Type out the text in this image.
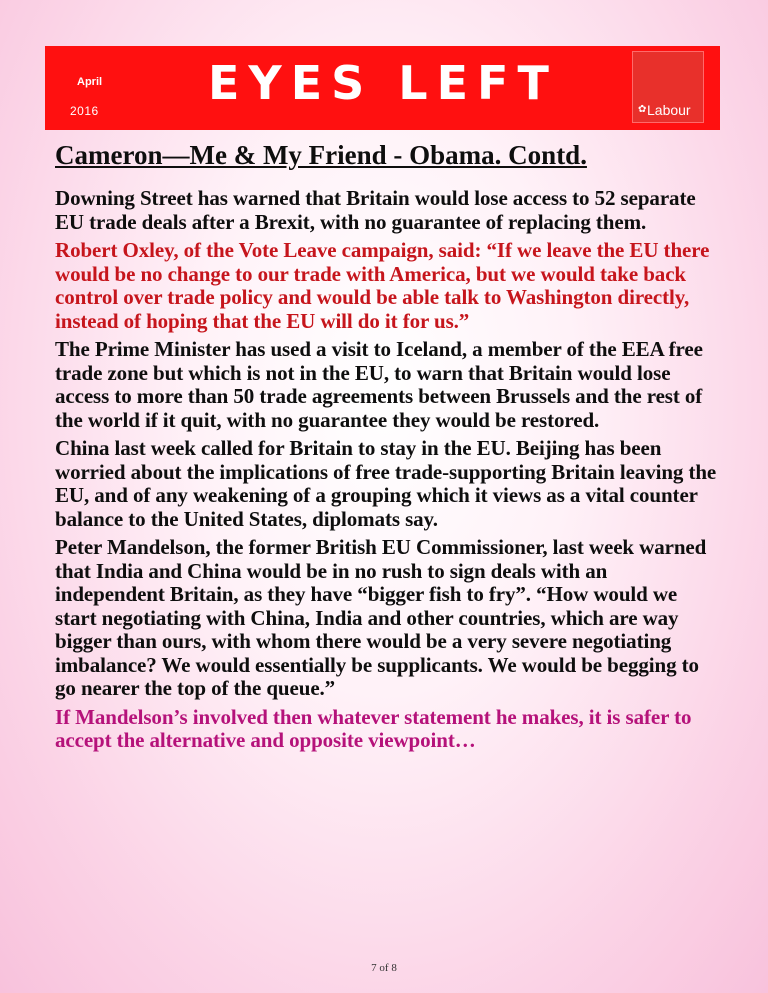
April
2016
EYES LEFT	✿ Labour
Cameron—Me & My Friend - Obama. Contd.

Downing Street has warned that Britain would lose access to 52 separate EU trade deals after a Brexit, with no guarantee of replacing them.

Robert Oxley, of the Vote Leave campaign, said: “If we leave the EU there would be no change to our trade with America, but we would take back control over trade policy and would be able talk to Washington directly, instead of hoping that the EU will do it for us.”

The Prime Minister has used a visit to Iceland, a member of the EEA free trade zone but which is not in the EU, to warn that Britain would lose access to more than 50 trade agreements between Brussels and the rest of the world if it quit, with no guarantee they would be restored.

China last week called for Britain to stay in the EU. Beijing has been worried about the implications of free trade-supporting Britain leaving the EU, and of any weakening of a grouping which it views as a vital counter balance to the United States, diplomats say.

Peter Mandelson, the former British EU Commissioner, last week warned that India and China would be in no rush to sign deals with an independent Britain, as they have “bigger fish to fry”. “How would we start negotiating with China, India and other countries, which are way bigger than ours, with whom there would be a very severe negotiating imbalance? We would essentially be supplicants. We would be begging to go nearer the top of the queue.”

If Mandelson’s involved then whatever statement he makes, it is safer to accept the alternative and opposite viewpoint…

7 of 8
